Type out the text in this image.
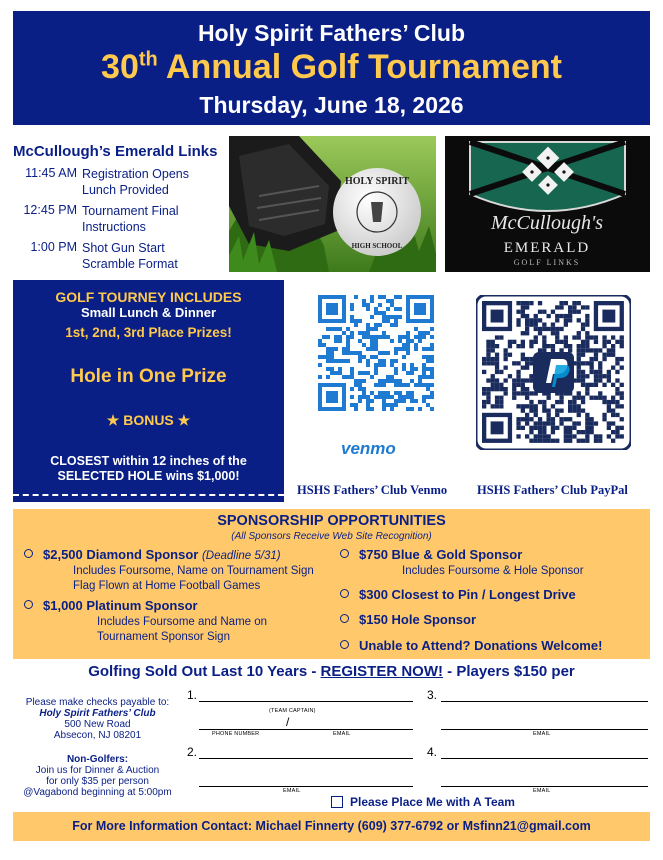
Holy Spirit Fathers’ Club
30th Annual Golf Tournament
Thursday, June 18, 2026
McCullough’s Emerald Links
11:45 AM Registration Opens
Lunch Provided
12:45 PM Tournament Final
Instructions
1:00 PM Shot Gun Start
Scramble Format
HOLY SPIRIT
HIGH SCHOOL
McCullough's
EMERALD
GOLF LINKS
GOLF TOURNEY INCLUDES
Small Lunch & Dinner
1st, 2nd, 3rd Place Prizes!
Hole in One Prize
★ BONUS ★
CLOSEST within 12 inches of the
SELECTED HOLE wins $1,000!
venmo
HSHS Fathers’ Club Venmo HSHS Fathers’ Club PayPal
SPONSORSHIP OPPORTUNITIES
(All Sponsors Receive Web Site Recognition)
$2,500 Diamond Sponsor (Deadline 5/31)
Includes Foursome, Name on Tournament Sign
Flag Flown at Home Football Games
$1,000 Platinum Sponsor
Includes Foursome and Name on
Tournament Sponsor Sign
$750 Blue & Gold Sponsor
Includes Foursome & Hole Sponsor
$300 Closest to Pin / Longest Drive
$150 Hole Sponsor
Unable to Attend? Donations Welcome!
Golfing Sold Out Last 10 Years - REGISTER NOW! - Players $150 per
Please make checks payable to:
Holy Spirit Fathers’ Club
500 New Road
Absecon, NJ 08201
Non-Golfers:
Join us for Dinner & Auction
for only $35 per person
@Vagabond beginning at 5:00pm
1.
(TEAM CAPTAIN)
/
PHONE NUMBER	EMAIL
3.
EMAIL
2.
EMAIL
4.
EMAIL
Please Place Me with A Team
For More Information Contact: Michael Finnerty (609) 377-6792 or Msfinn21@gmail.com
